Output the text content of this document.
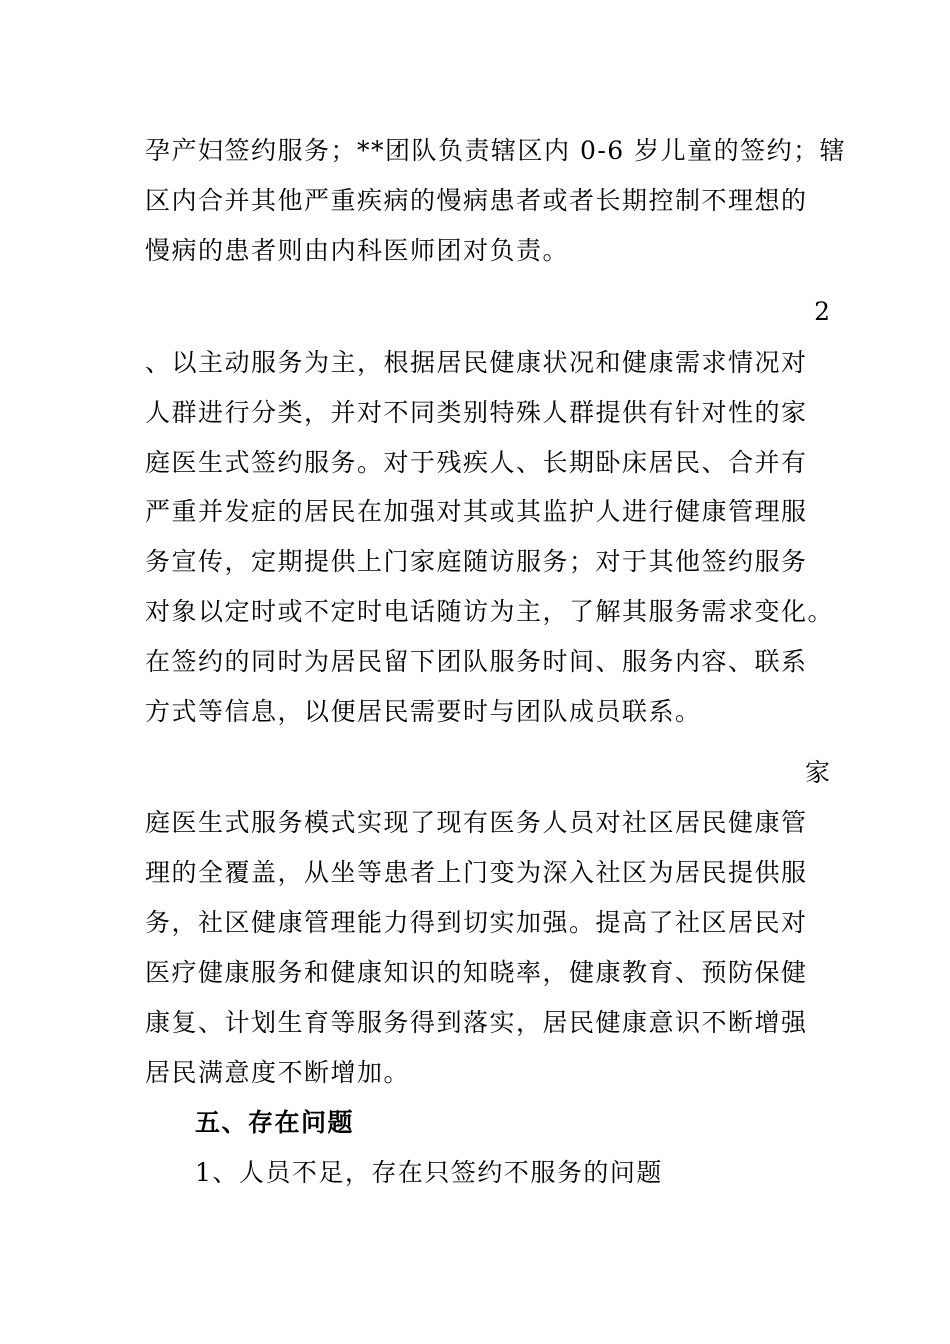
孕产妇签约服务；**团队负责辖区内 0-6 岁儿童的签约；辖
区内合并其他严重疾病的慢病患者或者长期控制不理想的
慢病的患者则由内科医师团对负责。
2
、以主动服务为主，根据居民健康状况和健康需求情况对
人群进行分类，并对不同类别特殊人群提供有针对性的家
庭医生式签约服务。对于残疾人、长期卧床居民、合并有
严重并发症的居民在加强对其或其监护人进行健康管理服
务宣传，定期提供上门家庭随访服务；对于其他签约服务
对象以定时或不定时电话随访为主，了解其服务需求变化。
在签约的同时为居民留下团队服务时间、服务内容、联系
方式等信息，以便居民需要时与团队成员联系。
家
庭医生式服务模式实现了现有医务人员对社区居民健康管
理的全覆盖，从坐等患者上门变为深入社区为居民提供服
务，社区健康管理能力得到切实加强。提高了社区居民对
医疗健康服务和健康知识的知晓率，健康教育、预防保健
康复、计划生育等服务得到落实，居民健康意识不断增强
居民满意度不断增加。
五、存在问题
1、人员不足，存在只签约不服务的问题
